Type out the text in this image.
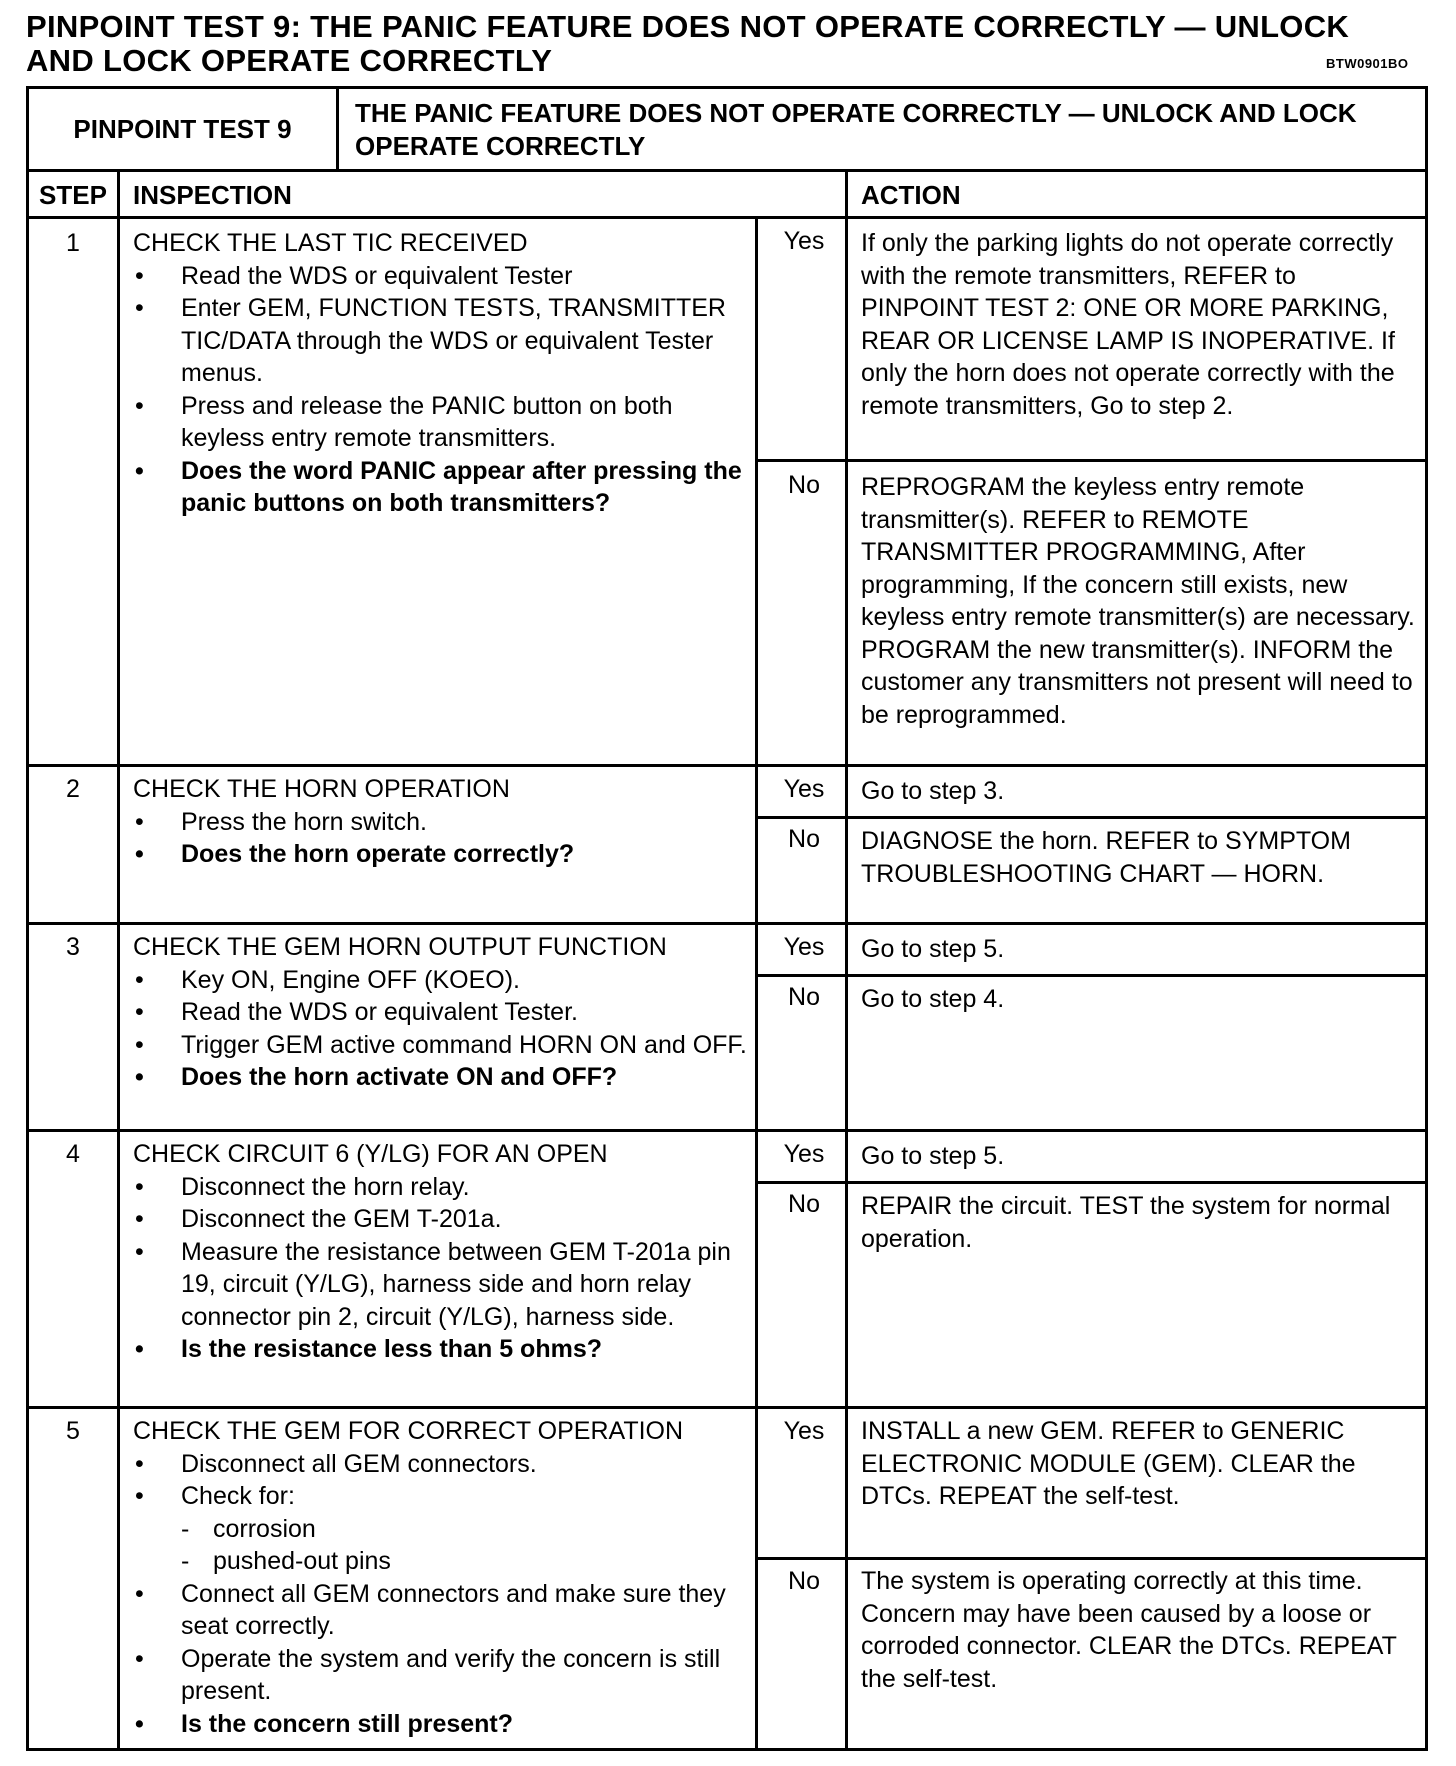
PINPOINT TEST 9: THE PANIC FEATURE DOES NOT OPERATE CORRECTLY — UNLOCK
AND LOCK OPERATE CORRECTLY	BTW0901BO
PINPOINT TEST 9
THE PANIC FEATURE DOES NOT OPERATE CORRECTLY — UNLOCK AND LOCK OPERATE CORRECTLY
STEP INSPECTION	ACTION
1	CHECK THE LAST TIC RECEIVED
• Read the WDS or equivalent Tester
• Enter GEM, FUNCTION TESTS, TRANSMITTER TIC/DATA through the WDS or equivalent Tester menus.
• Press and release the PANIC button on both keyless entry remote transmitters.
• Does the word PANIC appear after pressing the panic buttons on both transmitters?
Yes	If only the parking lights do not operate correctly with the remote transmitters, REFER to PINPOINT TEST 2: ONE OR MORE PARKING, REAR OR LICENSE LAMP IS INOPERATIVE. If only the horn does not operate correctly with the remote transmitters, Go to step 2.
No	REPROGRAM the keyless entry remote transmitter(s). REFER to REMOTE TRANSMITTER PROGRAMMING, After programming, If the concern still exists, new keyless entry remote transmitter(s) are necessary. PROGRAM the new transmitter(s). INFORM the customer any transmitters not present will need to be reprogrammed.
2	CHECK THE HORN OPERATION
• Press the horn switch.
• Does the horn operate correctly?
Yes	Go to step 3.
No	DIAGNOSE the horn. REFER to SYMPTOM TROUBLESHOOTING CHART — HORN.
3	CHECK THE GEM HORN OUTPUT FUNCTION
• Key ON, Engine OFF (KOEO).
• Read the WDS or equivalent Tester.
• Trigger GEM active command HORN ON and OFF.
• Does the horn activate ON and OFF?
Yes	Go to step 5.
No	Go to step 4.
4	CHECK CIRCUIT 6 (Y/LG) FOR AN OPEN
• Disconnect the horn relay.
• Disconnect the GEM T-201a.
• Measure the resistance between GEM T-201a pin 19, circuit (Y/LG), harness side and horn relay connector pin 2, circuit (Y/LG), harness side.
• Is the resistance less than 5 ohms?
Yes	Go to step 5.
No	REPAIR the circuit. TEST the system for normal operation.
5	CHECK THE GEM FOR CORRECT OPERATION
• Disconnect all GEM connectors.
• Check for:
- corrosion
- pushed-out pins
• Connect all GEM connectors and make sure they seat correctly.
• Operate the system and verify the concern is still present.
• Is the concern still present?
Yes	INSTALL a new GEM. REFER to GENERIC ELECTRONIC MODULE (GEM). CLEAR the DTCs. REPEAT the self-test.
No	The system is operating correctly at this time. Concern may have been caused by a loose or corroded connector. CLEAR the DTCs. REPEAT the self-test.
